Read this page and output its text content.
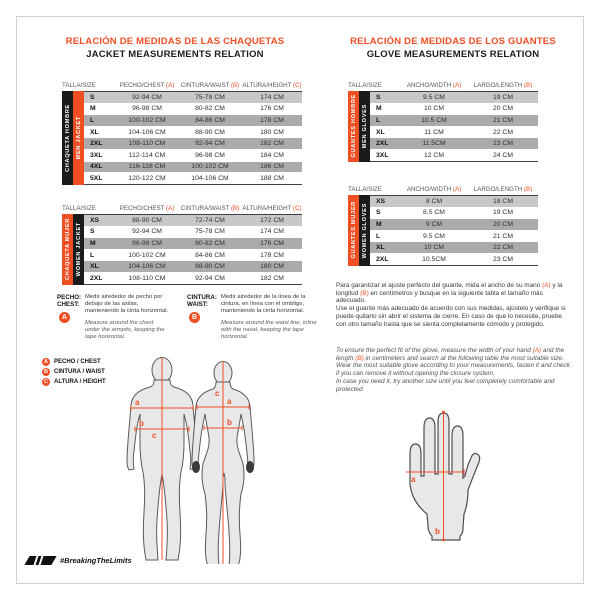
RELACIÓN DE MEDIDAS DE LAS CHAQUETAS
JACKET MEASUREMENTS RELATION
TALLA/SIZE	PECHO/CHEST (A)	CINTURA/WAIST (B) ALTURA/HEIGHT (C)
CHAQUETA HOMBRE MEN JACKET
S	92-94 CM	75-78 CM	174 CM
M	96-98 CM	80-82 CM	176 CM
L	100-102 CM	84-86 CM	178 CM
XL	104-106 CM	88-90 CM	180 CM
2XL	108-110 CM	92-94 CM	182 CM
3XL	112-114 CM	96-98 CM	184 CM
4XL	116-118 CM	100-102 CM	186 CM
5XL	120-122 CM	104-106 CM	188 CM
TALLA/SIZE	PECHO/CHEST (A)	CINTURA/WAIST (B) ALTURA/HEIGHT (C)
CHAQUETA MUJER WOMEN JACKET
XS	88-90 CM	72-74 CM	172 CM
S	92-94 CM	75-78 CM	174 CM
M	96-98 CM	80-82 CM	176 CM
L	100-102 CM	84-86 CM	178 CM
XL	104-106 CM	88-90 CM	180 CM
2XL	108-110 CM	92-94 CM	182 CM
PECHO:
CHEST:
A
Medir alrededor de pecho por debajo de las axilas, manteniendo la cinta horizontal.
Measure around the chest under the armpits, keeping the tape horizontal.
CINTURA:
WAIST:
B
Medir alrededor de la línea de la cintura, en línea con el ombligo, manteniendo la cinta horizontal.
Measure around the waist line, inline with the naval, keeping the tape horizontal.
A	PECHO / CHEST
B	CINTURA / WAIST
C	ALTURA / HEIGHT
RELACIÓN DE MEDIDAS DE LOS GUANTES
GLOVE MEASUREMENTS RELATION
TALLA/SIZE	ANCHO/WIDTH (A)	LARGO/LENGTH (B)
GUANTES HOMBRE MEN GLOVES
S	9.5 CM	19 CM
M	10 CM	20 CM
L	10.5 CM	21 CM
XL	11 CM	22 CM
2XL	11.5CM	23 CM
3XL	12 CM	24 CM
TALLA/SIZE	ANCHO/WIDTH (A)	LARGO/LENGTH (B)
GUANTES MUJER WOMEN GLOVES
XS	8 CM	18 CM
S	8.5 CM	19 CM
M	9 CM	20 CM
L	9.5 CM	21 CM
XL	10 CM	22 CM
2XL	10.5CM	23 CM

Para garantizar el ajuste perfecto del guante, mida el ancho de su mano (A) y la longitud (B) en centímetros y busque en la siguiente tabla el tamaño más adecuado.

Use el guante más adecuado de acuerdo con sus medidas, ajústelo y verifique si puede quitarlo sin abrir el sistema de cierre. En caso de que lo necesite, pruebe con otro tamaño hasta que se sienta completamente cómodo y protegido.

To ensure the perfect fit of the glove, measure the width of your hand (A) and the length (B) in centimeters and search at the following table the most suitable size. Wear the most suitable glove according to your measurements, fasten it and check if you can remove it without opening the closure system.

In case you need it, try another size until you feel completely comfortable and protected

a
b
c
a
b
c
a
b
#BreakingTheLimits
